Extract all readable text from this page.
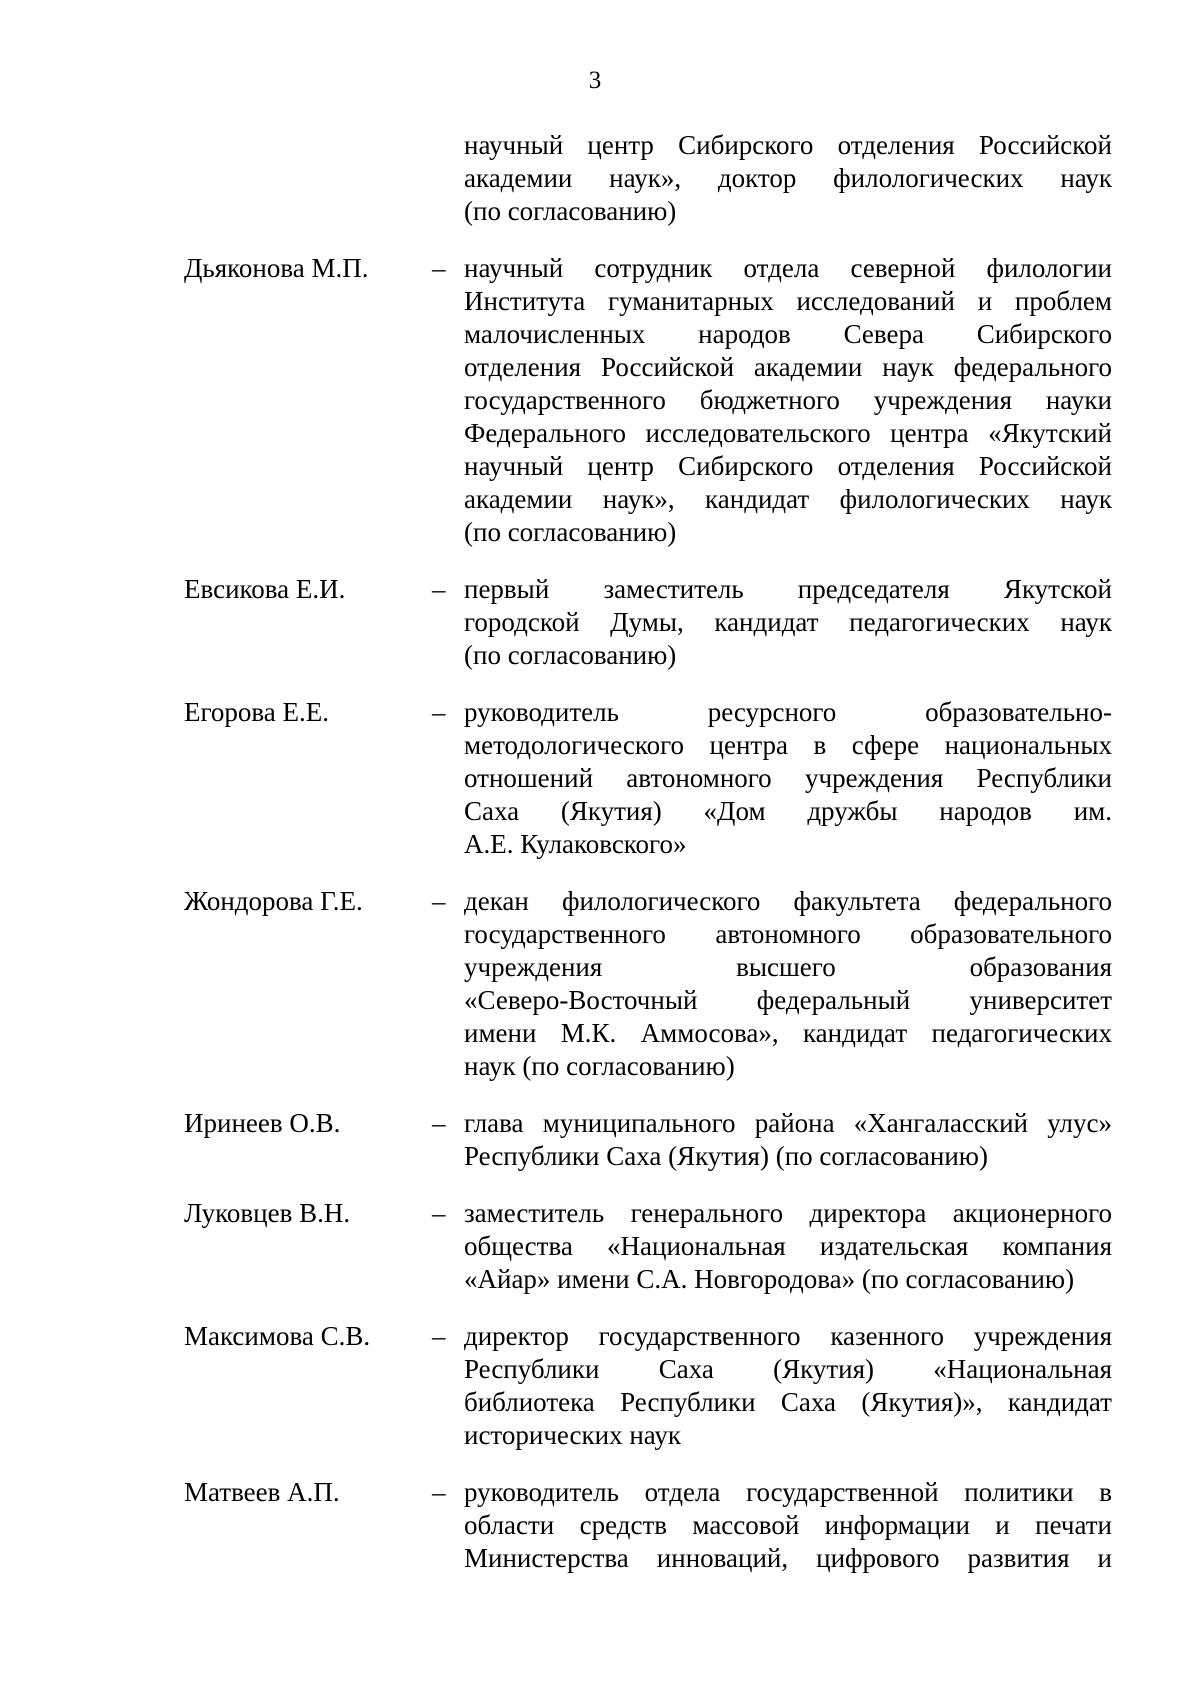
3
научный центр Сибирского отделения Российской
академии наук», доктор филологических наук
(по согласованию)
Дьяконова М.П.	– научный сотрудник отдела северной филологии
Института гуманитарных исследований и проблем
малочисленных народов Севера Сибирского
отделения Российской академии наук федерального
государственного бюджетного учреждения науки
Федерального исследовательского центра «Якутский
научный центр Сибирского отделения Российской
академии наук», кандидат филологических наук
(по согласованию)
Евсикова Е.И.	– первый заместитель председателя Якутской
городской Думы, кандидат педагогических наук
(по согласованию)
Егорова Е.Е.	– руководитель ресурсного образовательно-
методологического центра в сфере национальных
отношений автономного учреждения Республики
Саха (Якутия) «Дом дружбы народов им.
А.Е. Кулаковского»
Жондорова Г.Е.	– декан филологического факультета федерального
государственного автономного образовательного
учреждения высшего образования
«Северо-Восточный федеральный университет
имени М.К. Аммосова», кандидат педагогических
наук (по согласованию)
Иринеев О.В.	– глава муниципального района «Хангаласский улус»
Республики Саха (Якутия) (по согласованию)
Луковцев В.Н.	– заместитель генерального директора акционерного
общества «Национальная издательская компания
«Айар» имени С.А. Новгородова» (по согласованию)
Максимова С.В.	– директор государственного казенного учреждения
Республики Саха (Якутия) «Национальная
библиотека Республики Саха (Якутия)», кандидат
исторических наук
Матвеев А.П.	– руководитель отдела государственной политики в
области средств массовой информации и печати
Министерства инноваций, цифрового развития и
